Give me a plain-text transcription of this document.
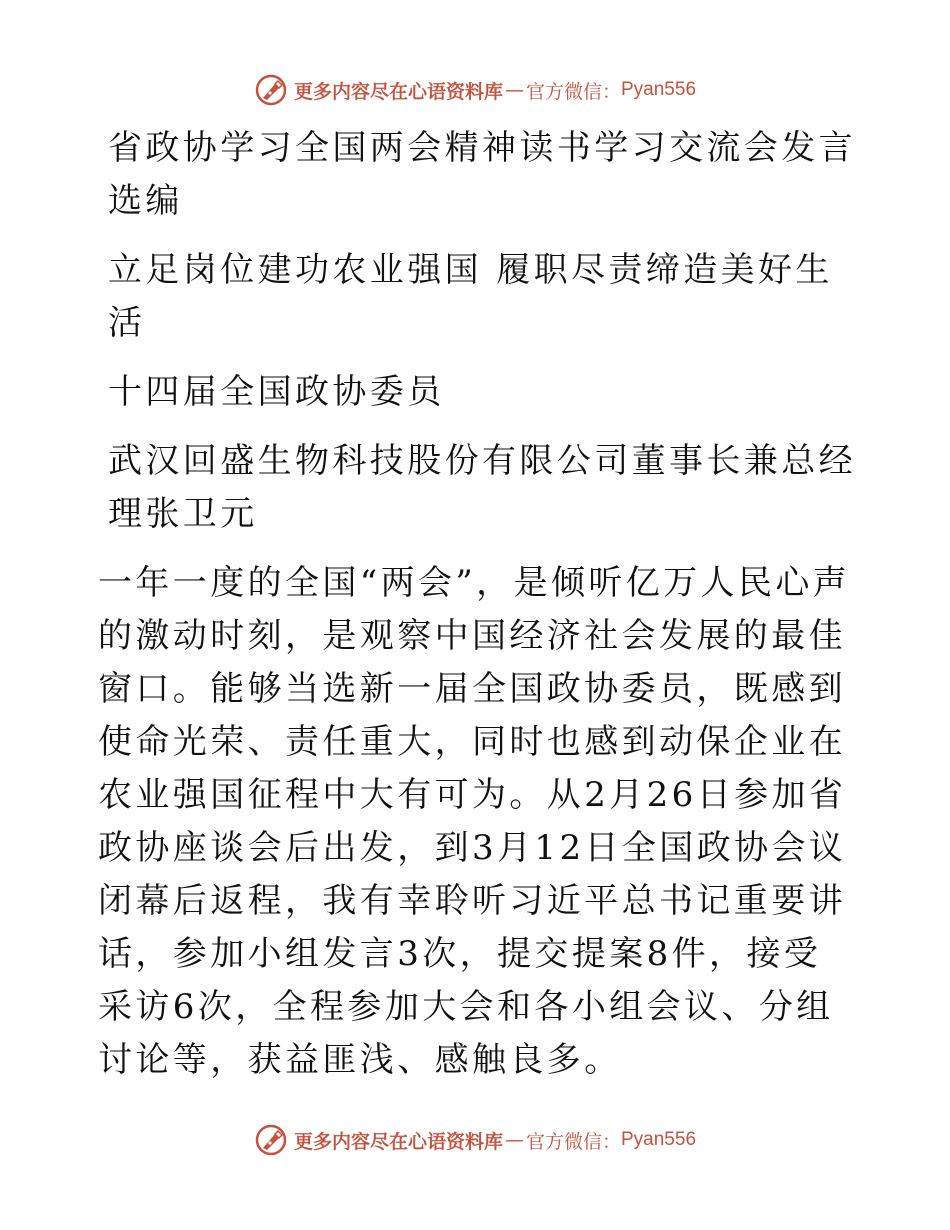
更多内容尽在心语资料库 — 官方微信： Pyan556

省政协学习全国两会精神读书学习交流会发言选编

立足岗位建功农业强国 履职尽责缔造美好生活

十四届全国政协委员

武汉回盛生物科技股份有限公司董事长兼总经理张卫元

一年一度的全国“两会”，是倾听亿万人民心声的激动时刻，是观察中国经济社会发展的最佳窗口。能够当选新一届全国政协委员，既感到使命光荣、责任重大，同时也感到动保企业在农业强国征程中大有可为。从2月26日参加省政协座谈会后出发，到3月12日全国政协会议闭幕后返程，我有幸聆听习近平总书记重要讲话，参加小组发言3次，提交提案8件，接受采访6次，全程参加大会和各小组会议、分组讨论等，获益匪浅、感触良多。

更多内容尽在心语资料库 — 官方微信： Pyan556
